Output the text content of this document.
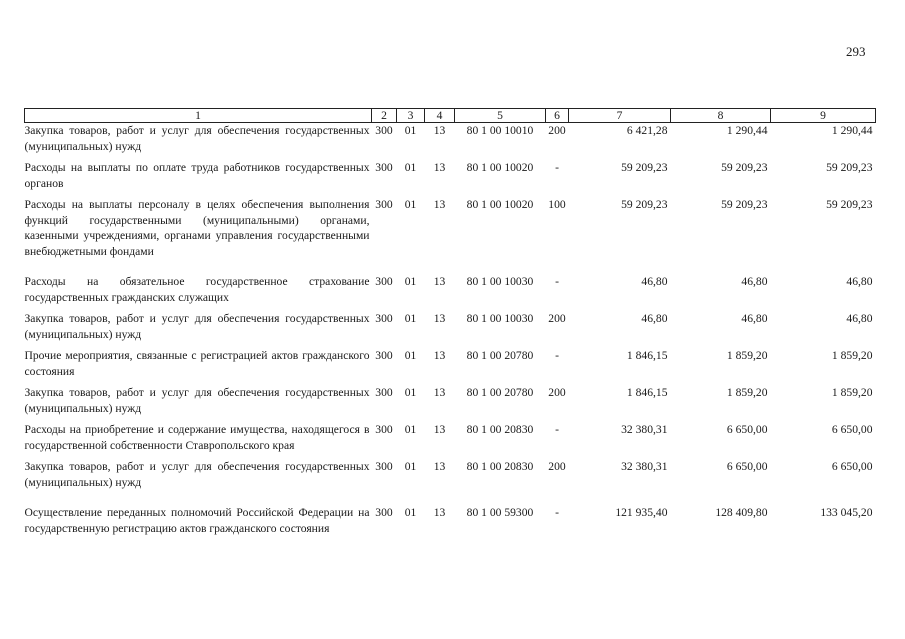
293
1	2	3	4	5	6	7	8	9
Закупка товаров, работ и услуг для обеспечения государственных (муниципальных) нужд	300	01	13	80 1 00 10010	200	6 421,28	1 290,44	1 290,44
Расходы на выплаты по оплате труда работников государственных органов	300	01	13	80 1 00 10020	-	59 209,23	59 209,23	59 209,23
Расходы на выплаты персоналу в целях обеспечения выполнения функций государственными (муниципальными) органами, казенными учреждениями, органами управления государственными внебюджетными фондами	300	01	13	80 1 00 10020	100	59 209,23	59 209,23	59 209,23
Расходы на обязательное государственное страхование государственных гражданских служащих	300	01	13	80 1 00 10030	-	46,80	46,80	46,80
Закупка товаров, работ и услуг для обеспечения государственных (муниципальных) нужд	300	01	13	80 1 00 10030	200	46,80	46,80	46,80
Прочие мероприятия, связанные с регистрацией актов гражданского состояния	300	01	13	80 1 00 20780	-	1 846,15	1 859,20	1 859,20
Закупка товаров, работ и услуг для обеспечения государственных (муниципальных) нужд	300	01	13	80 1 00 20780	200	1 846,15	1 859,20	1 859,20
Расходы на приобретение и содержание имущества, находящегося в государственной собственности Ставропольского края	300	01	13	80 1 00 20830	-	32 380,31	6 650,00	6 650,00
Закупка товаров, работ и услуг для обеспечения государственных (муниципальных) нужд	300	01	13	80 1 00 20830	200	32 380,31	6 650,00	6 650,00
Осуществление переданных полномочий Российской Федерации на государственную регистрацию актов гражданского состояния	300	01	13	80 1 00 59300	-	121 935,40	128 409,80	133 045,20
